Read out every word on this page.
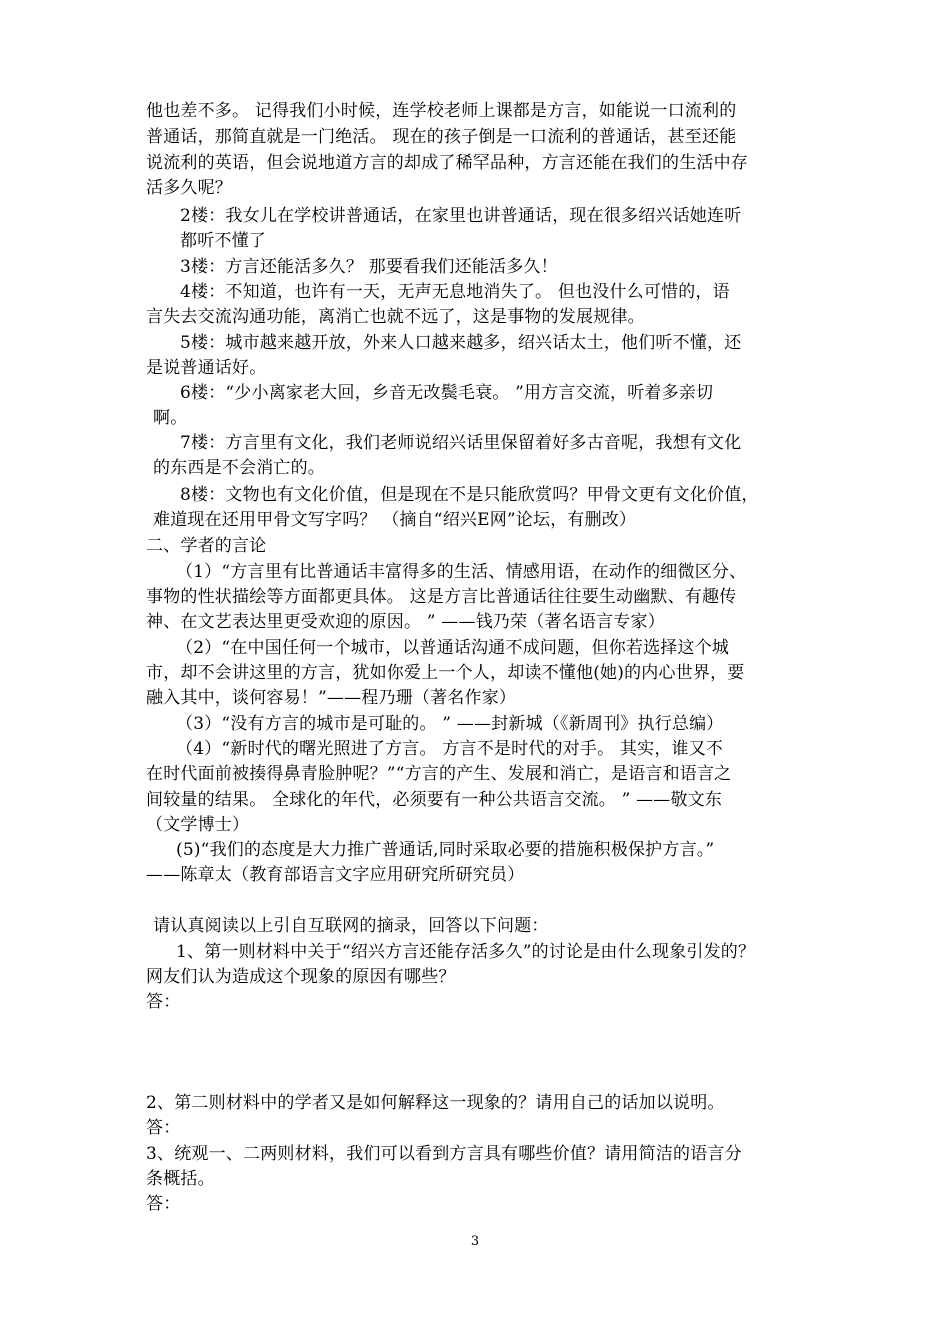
他也差不多。 记得我们小时候，连学校老师上课都是方言，如能说一口流利的
普通话，那简直就是一门绝活。 现在的孩子倒是一口流利的普通话，甚至还能
说流利的英语，但会说地道方言的却成了稀罕品种，方言还能在我们的生活中存
活多久呢？
2楼：我女儿在学校讲普通话，在家里也讲普通话，现在很多绍兴话她连听
都听不懂了
3楼：方言还能活多久？ 那要看我们还能活多久！
4楼：不知道，也许有一天，无声无息地消失了。 但也没什么可惜的，语
言失去交流沟通功能，离消亡也就不远了，这是事物的发展规律。
5楼：城市越来越开放，外来人口越来越多，绍兴话太土，他们听不懂，还
是说普通话好。
6楼：“少小离家老大回，乡音无改鬓毛衰。 ”用方言交流，听着多亲切
啊。
7楼：方言里有文化，我们老师说绍兴话里保留着好多古音呢，我想有文化
的东西是不会消亡的。
8楼：文物也有文化价值，但是现在不是只能欣赏吗？甲骨文更有文化价值，
难道现在还用甲骨文写字吗？ （摘自“绍兴E网”论坛，有删改）
二、学者的言论
（1）“方言里有比普通话丰富得多的生活、情感用语，在动作的细微区分、
事物的性状描绘等方面都更具体。 这是方言比普通话往往要生动幽默、有趣传
神、在文艺表达里更受欢迎的原因。 ” ——钱乃荣（著名语言专家）
（2）“在中国任何一个城市，以普通话沟通不成问题，但你若选择这个城
市，却不会讲这里的方言，犹如你爱上一个人，却读不懂他(她)的内心世界，要
融入其中，谈何容易！”——程乃珊（著名作家）
（3）“没有方言的城市是可耻的。 ” ——封新城（《新周刊》执行总编）
（4）“新时代的曙光照进了方言。 方言不是时代的对手。 其实，谁又不
在时代面前被揍得鼻青脸肿呢？”“方言的产生、发展和消亡，是语言和语言之
间较量的结果。 全球化的年代，必须要有一种公共语言交流。 ” ——敬文东
（文学博士）
(5)“我们的态度是大力推广普通话,同时采取必要的措施积极保护方言。”
——陈章太（教育部语言文字应用研究所研究员）
请认真阅读以上引自互联网的摘录，回答以下问题：
1、第一则材料中关于“绍兴方言还能存活多久”的讨论是由什么现象引发的？
网友们认为造成这个现象的原因有哪些？
答：
2、第二则材料中的学者又是如何解释这一现象的？请用自己的话加以说明。
答：
3、统观一、二两则材料，我们可以看到方言具有哪些价值？请用简洁的语言分
条概括。
答：
3
